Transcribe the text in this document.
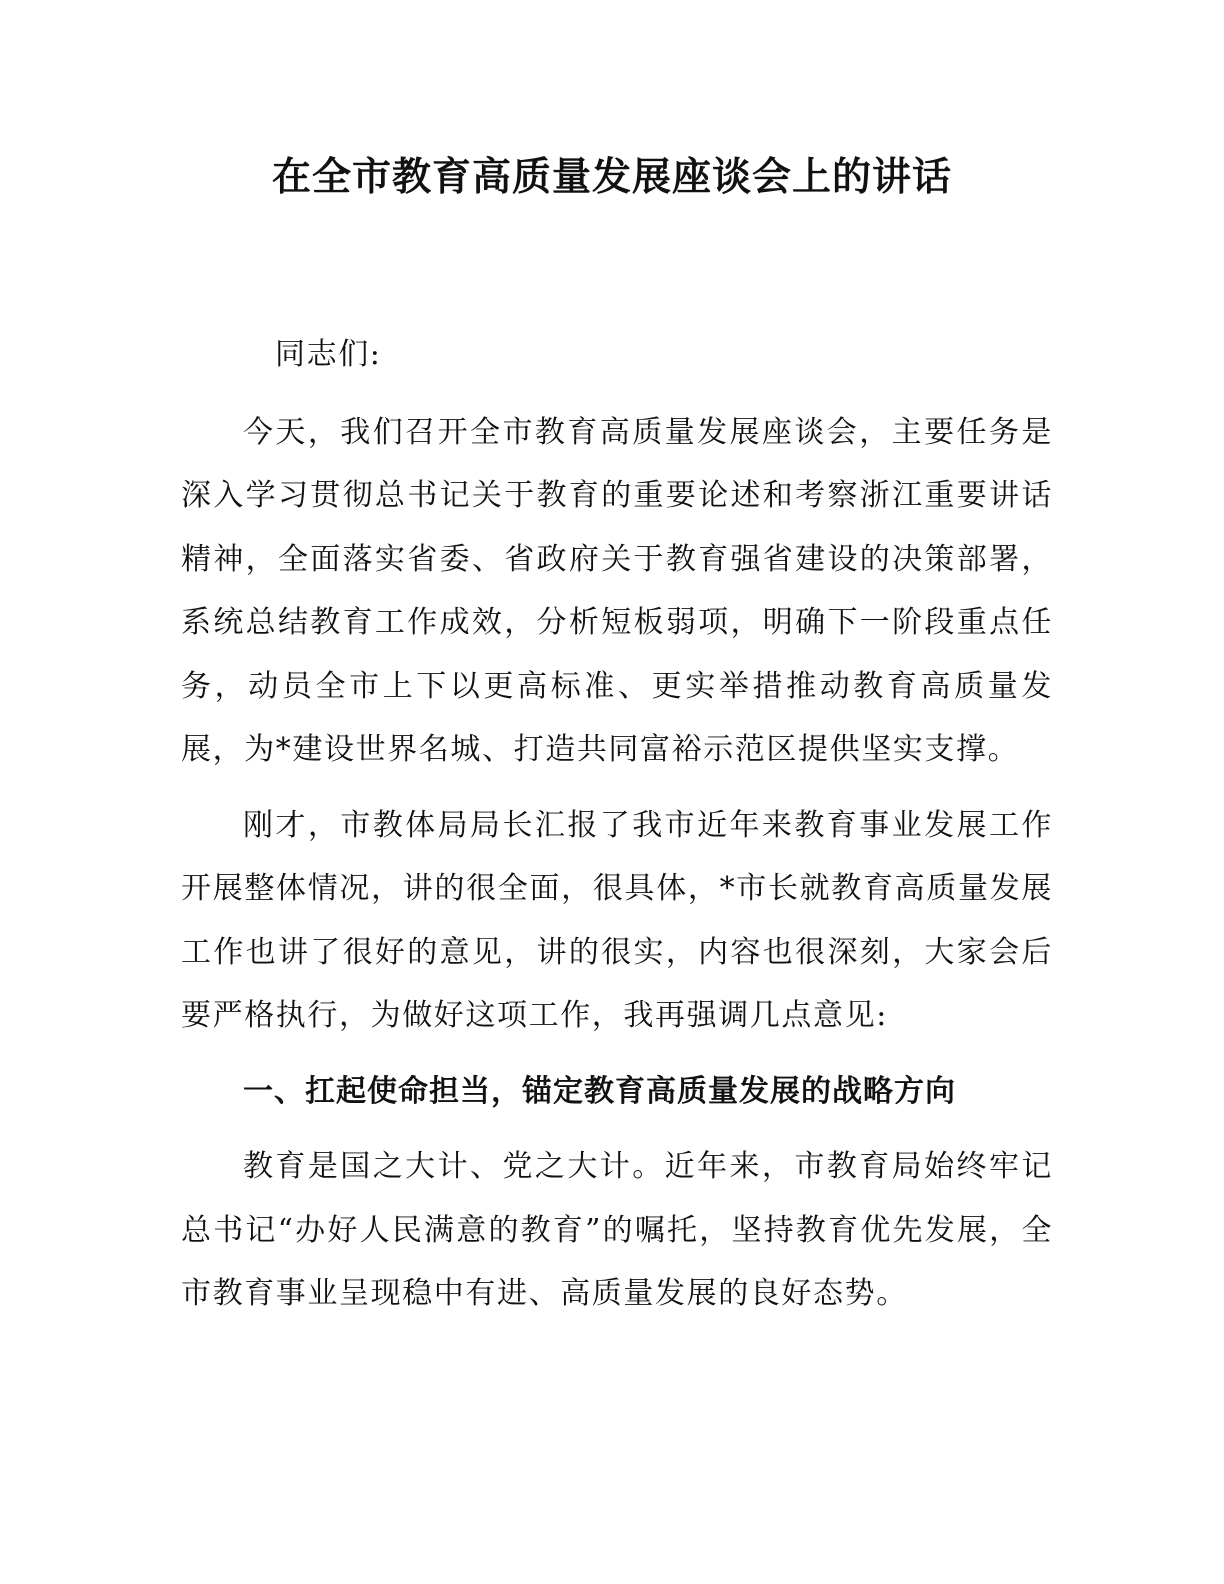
在全市教育高质量发展座谈会上的讲话

同志们:

今天，我们召开全市教育高质量发展座谈会，主要任务是深入学习贯彻总书记关于教育的重要论述和考察浙江重要讲话精神，全面落实省委、省政府关于教育强省建设的决策部署，系统总结教育工作成效，分析短板弱项，明确下一阶段重点任务，动员全市上下以更高标准、更实举措推动教育高质量发展，为*建设世界名城、打造共同富裕示范区提供坚实支撑。

刚才，市教体局局长汇报了我市近年来教育事业发展工作开展整体情况，讲的很全面，很具体，*市长就教育高质量发展工作也讲了很好的意见，讲的很实，内容也很深刻，大家会后要严格执行，为做好这项工作，我再强调几点意见:

一、扛起使命担当，锚定教育高质量发展的战略方向

教育是国之大计、党之大计。近年来，市教育局始终牢记总书记“办好人民满意的教育”的嘱托，坚持教育优先发展，全市教育事业呈现稳中有进、高质量发展的良好态势。
